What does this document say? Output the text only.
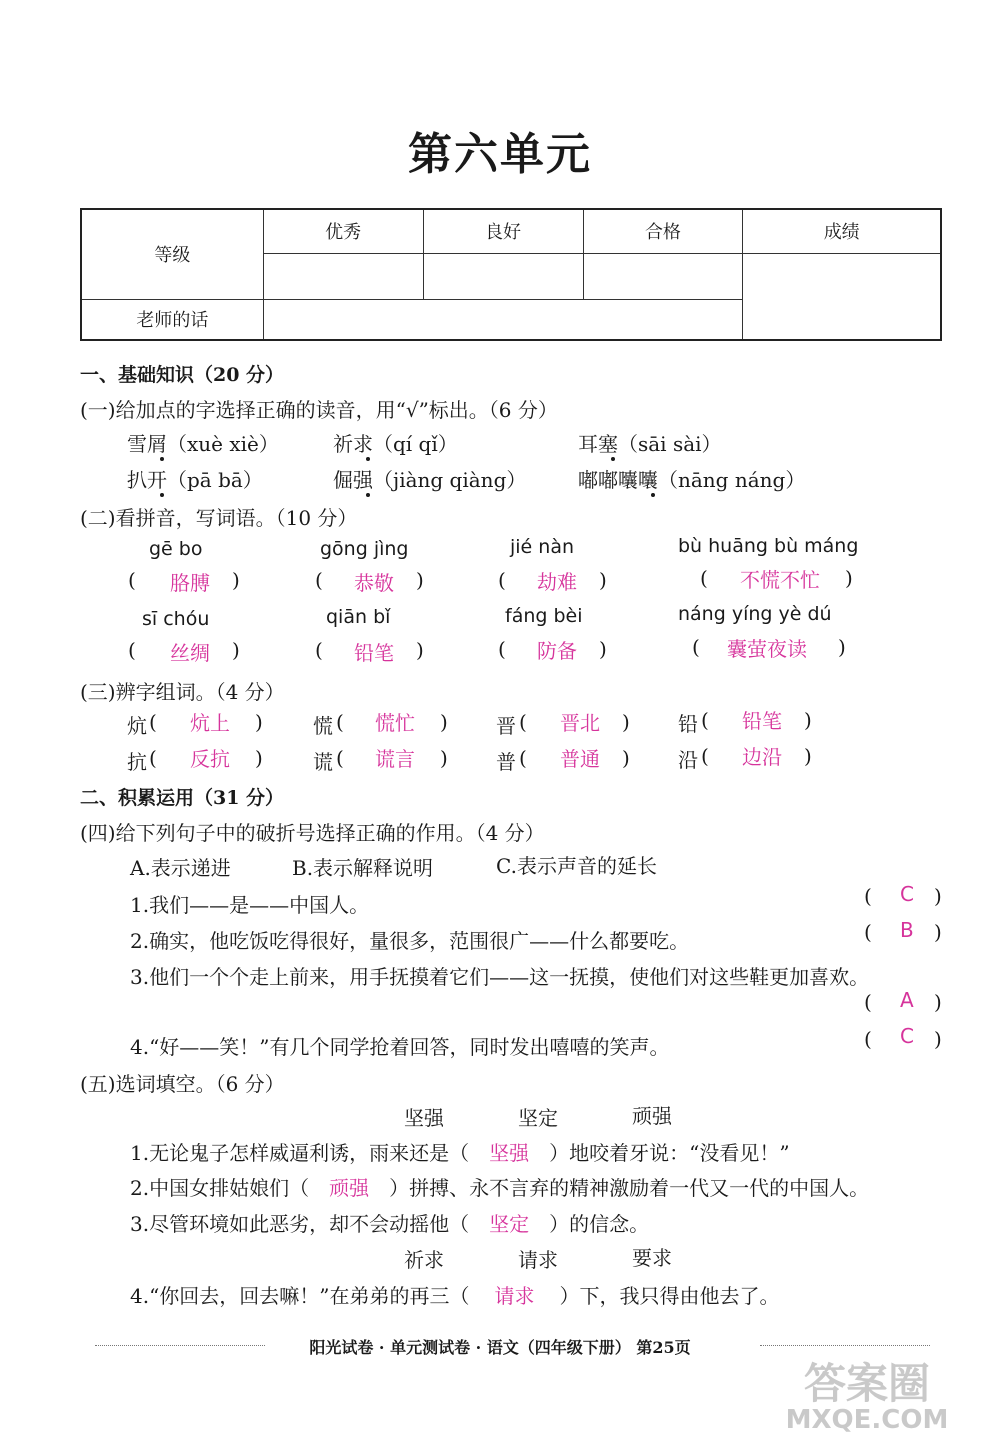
第六单元
等级	优秀	良好	合格	成绩

老师的话				
一、基础知识（20 分）
(一)给加点的字选择正确的读音，用“√”标出。（6 分）
雪屑（xuè xiè）	祈求（qí qǐ）	耳塞（sāi sài）
扒开（pā bā）	倔强（jiàng qiàng）	嘟嘟囔囔（nāng náng）
(二)看拼音，写词语。（10 分）
gē bo	gōng jìng	jié nàn	bù huāng bù máng
( 胳膊 )	( 恭敬 )	( 劫难 )	( 不慌不忙 )
sī chóu	qiān bǐ	fáng bèi	náng yíng yè dú
( 丝绸 )	( 铅笔 )	( 防备 )	( 囊萤夜读 )
(三)辨字组词。（4 分）
炕 ( 炕上 )	慌 ( 慌忙 ) 晋 ( 晋北 ) 铅 ( 铅笔 )
抗 ( 反抗 )	谎 ( 谎言 ) 普 ( 普通 ) 沿 ( 边沿 )
二、积累运用（31 分）
(四)给下列句子中的破折号选择正确的作用。（4 分）
A.表示递进	B.表示解释说明	C.表示声音的延长
1.我们——是——中国人。	( C )
2.确实，他吃饭吃得很好，量很多，范围很广——什么都要吃。	( B )
3.他们一个个走上前来，用手抚摸着它们——这一抚摸，使他们对这些鞋更加喜欢。
( A )
4.“好——笑！”有几个同学抢着回答，同时发出嘻嘻的笑声。	( C )
(五)选词填空。（6 分）
坚强	坚定	顽强
1.无论鬼子怎样威逼利诱，雨来还是（ 坚强 ）地咬着牙说：“没看见！”
2.中国女排姑娘们（ 顽强 ）拼搏、永不言弃的精神激励着一代又一代的中国人。
3.尽管环境如此恶劣，却不会动摇他（ 坚定 ）的信念。
祈求	请求	要求
4.“你回去，回去嘛！”在弟弟的再三（ 请求 ）下，我只得由他去了。
阳光试卷 · 单元测试卷 · 语文（四年级下册） 第25页
答案圈
MXQE.COM
